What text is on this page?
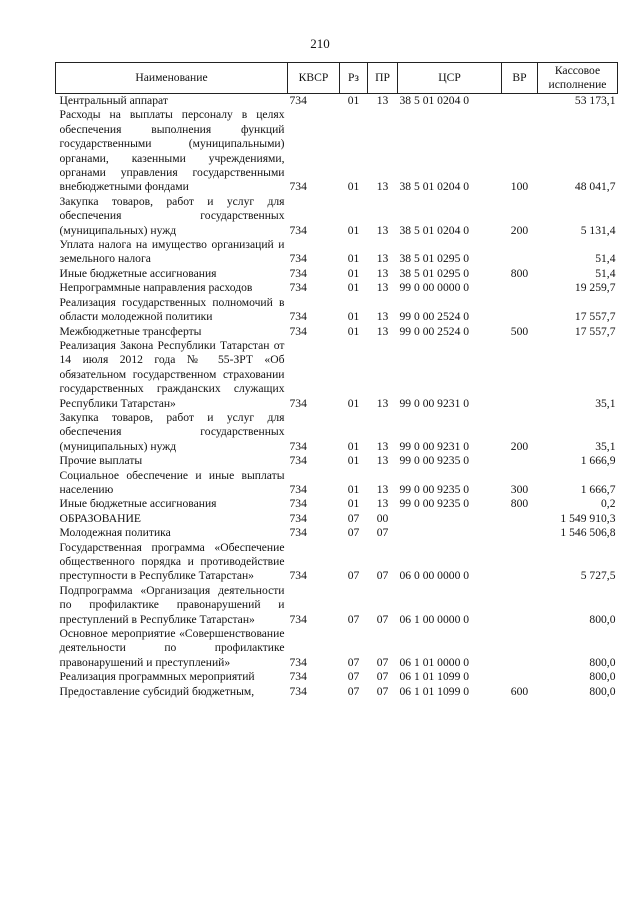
210
Наименование	КВСР	Рз	ПР	ЦСР	ВР	Кассовое исполнение
Центральный аппарат	734	01	13	38 5 01 0204 0		53 173,1
Расходы на выплаты персоналу в целях обеспечения выполнения функций государственными (муниципальными) органами, казенными учреждениями, органами управления государственными внебюджетными фондами	734	01	13	38 5 01 0204 0	100	48 041,7
Закупка товаров, работ и услуг для обеспечения государственных (муниципальных) нужд	734	01	13	38 5 01 0204 0	200	5 131,4
Уплата налога на имущество организаций и земельного налога	734	01	13	38 5 01 0295 0		51,4
Иные бюджетные ассигнования	734	01	13	38 5 01 0295 0	800	51,4
Непрограммные направления расходов	734	01	13	99 0 00 0000 0		19 259,7
Реализация государственных полномочий в области молодежной политики	734	01	13	99 0 00 2524 0		17 557,7
Межбюджетные трансферты	734	01	13	99 0 00 2524 0	500	17 557,7
Реализация Закона Республики Татарстан от 14 июля 2012 года № 55-ЗРТ «Об обязательном государственном страховании государственных гражданских служащих Республики Татарстан»	734	01	13	99 0 00 9231 0		35,1
Закупка товаров, работ и услуг для обеспечения государственных (муниципальных) нужд	734	01	13	99 0 00 9231 0	200	35,1
Прочие выплаты	734	01	13	99 0 00 9235 0		1 666,9
Социальное обеспечение и иные выплаты населению	734	01	13	99 0 00 9235 0	300	1 666,7
Иные бюджетные ассигнования	734	01	13	99 0 00 9235 0	800	0,2
ОБРАЗОВАНИЕ	734	07	00			1 549 910,3
Молодежная политика	734	07	07			1 546 506,8
Государственная программа «Обеспечение общественного порядка и противодействие преступности в Республике Татарстан»	734	07	07	06 0 00 0000 0		5 727,5
Подпрограмма «Организация деятельности по профилактике правонарушений и преступлений в Республике Татарстан»	734	07	07	06 1 00 0000 0		800,0
Основное мероприятие «Совершенствование деятельности по профилактике правонарушений и преступлений»	734	07	07	06 1 01 0000 0		800,0
Реализация программных мероприятий	734	07	07	06 1 01 1099 0		800,0
Предоставление субсидий бюджетным,	734	07	07	06 1 01 1099 0	600	800,0
